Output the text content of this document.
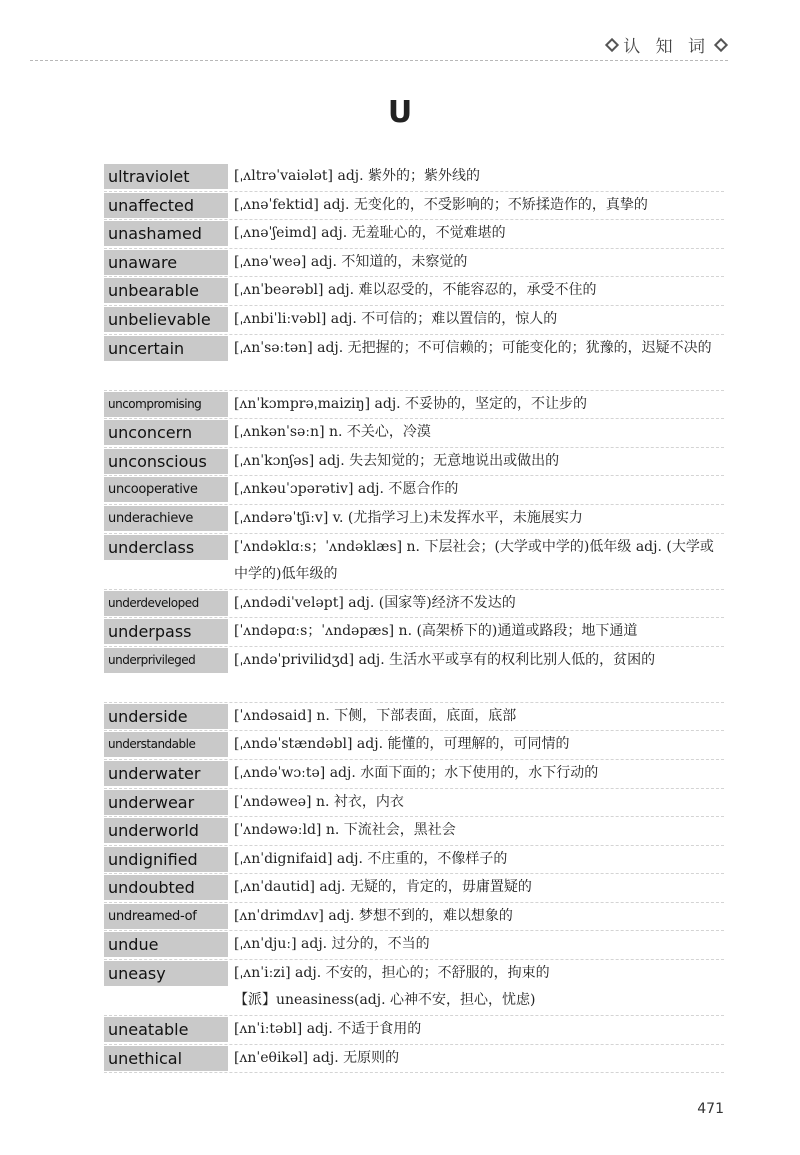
认 知 词
U
ultraviolet	[ˌʌltrəˈvaiələt] adj. 紫外的；紫外线的
unaffected	[ˌʌnəˈfektid] adj. 无变化的，不受影响的；不矫揉造作的，真挚的
unashamed	[ˌʌnəˈʃeimd] adj. 无羞耻心的，不觉难堪的
unaware	[ˌʌnəˈweə] adj. 不知道的，未察觉的
unbearable	[ˌʌnˈbeərəbl] adj. 难以忍受的，不能容忍的，承受不住的
unbelievable	[ˌʌnbiˈliːvəbl] adj. 不可信的；难以置信的，惊人的
uncertain	[ˌʌnˈsəːtən] adj. 无把握的；不可信赖的；可能变化的；犹豫的，迟疑不决的
uncompromising	[ʌnˈkɔmprəˌmaiziŋ] adj. 不妥协的，坚定的，不让步的
unconcern	[ˌʌnkənˈsəːn] n. 不关心，冷漠
unconscious	[ˌʌnˈkɔnʃəs] adj. 失去知觉的；无意地说出或做出的
uncooperative	[ˌʌnkəuˈɔpərətiv] adj. 不愿合作的
underachieve	[ˌʌndərəˈtʃiːv] v. (尤指学习上)未发挥水平，未施展实力
underclass	[ˈʌndəklɑːs；ˈʌndəklæs] n. 下层社会；(大学或中学的)低年级 adj. (大学或中学的)低年级的
underdeveloped	[ˌʌndədiˈveləpt] adj. (国家等)经济不发达的
underpass	[ˈʌndəpɑːs；ˈʌndəpæs] n. (高架桥下的)通道或路段；地下通道
underprivileged	[ˌʌndəˈprivilidʒd] adj. 生活水平或享有的权利比别人低的，贫困的
underside	[ˈʌndəsaid] n. 下侧，下部表面，底面，底部
understandable	[ˌʌndəˈstændəbl] adj. 能懂的，可理解的，可同情的
underwater	[ˌʌndəˈwɔːtə] adj. 水面下面的；水下使用的，水下行动的
underwear	[ˈʌndəweə] n. 衬衣，内衣
underworld	[ˈʌndəwəːld] n. 下流社会，黑社会
undignified	[ˌʌnˈdignifaid] adj. 不庄重的，不像样子的
undoubted	[ˌʌnˈdautid] adj. 无疑的，肯定的，毋庸置疑的
undreamed-of	[ʌnˈdrimdʌv] adj. 梦想不到的，难以想象的
undue	[ˌʌnˈdjuː] adj. 过分的，不当的
uneasy	[ˌʌnˈiːzi] adj. 不安的，担心的；不舒服的，拘束的
【派】uneasiness(adj. 心神不安，担心，忧虑)
uneatable	[ʌnˈiːtəbl] adj. 不适于食用的
unethical	[ʌnˈeθikəl] adj. 无原则的
471
